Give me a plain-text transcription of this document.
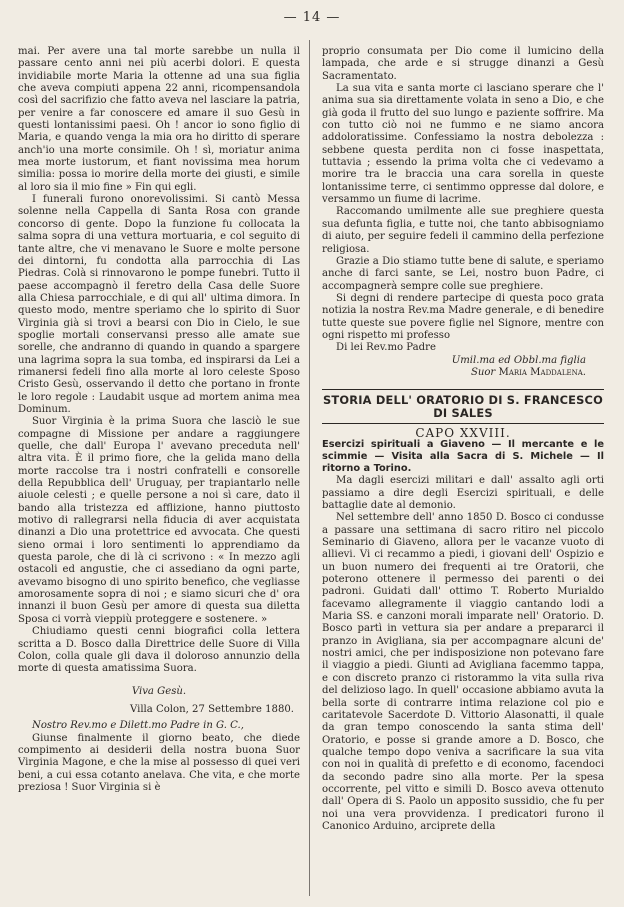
— 14 —

mai. Per avere una tal morte sarebbe un nulla il passare cento anni nei più acerbi dolori. E questa invidiabile morte Maria la ottenne ad una sua figlia che aveva compiuti appena 22 anni, ricompensandola così del sacrifizio che fatto aveva nel lasciare la patria, per venire a far conoscere ed amare il suo Gesù in questi lontanissimi paesi. Oh ! ancor io sono figlio di Maria, e quando venga la mia ora ho diritto di sperare anch'io una morte consimile. Oh ! sì, moriatur anima mea morte iustorum, et fiant novissima mea horum similia: possa io morire della morte dei giusti, e simile al loro sia il mio fine » Fin qui egli.

I funerali furono onorevolissimi. Si cantò Messa solenne nella Cappella di Santa Rosa con grande concorso di gente. Dopo la funzione fu collocata la salma sopra di una vettura mortuaria, e col seguito di tante altre, che vi menavano le Suore e molte persone dei dintorni, fu condotta alla parrocchia di Las Piedras. Colà si rinnovarono le pompe funebri. Tutto il paese accompagnò il feretro della Casa delle Suore alla Chiesa parrocchiale, e di qui all' ultima dimora. In questo modo, mentre speriamo che lo spirito di Suor Virginia già si trovi a bearsi con Dio in Cielo, le sue spoglie mortali conservansi presso alle amate sue sorelle, che andranno di quando in quando a spargere una lagrima sopra la sua tomba, ed inspirarsi da Lei a rimanersi fedeli fino alla morte al loro celeste Sposo Cristo Gesù, osservando il detto che portano in fronte le loro regole : Laudabit usque ad mortem anima mea Dominum.

Suor Virginia è la prima Suora che lasciò le sue compagne di Missione per andare a raggiungere quelle, che dall' Europa l' avevano preceduta nell' altra vita. È il primo fiore, che la gelida mano della morte raccolse tra i nostri confratelli e consorelle della Repubblica dell' Uruguay, per trapiantarlo nelle aiuole celesti ; e quelle persone a noi sì care, dato il bando alla tristezza ed afflizione, hanno piuttosto motivo di rallegrarsi nella fiducia di aver acquistata dinanzi a Dio una protettrice ed avvocata. Che questi sieno ormai i loro sentimenti lo apprendiamo da questa parole, che di là ci scrivono : « In mezzo agli ostacoli ed angustie, che ci assediano da ogni parte, avevamo bisogno di uno spirito benefico, che vegliasse amorosamente sopra di noi ; e siamo sicuri che d' ora innanzi il buon Gesù per amore di questa sua diletta Sposa ci vorrà vieppiù proteggere e sostenere. »

Chiudiamo questi cenni biografici colla lettera scritta a D. Bosco dalla Direttrice delle Suore di Villa Colon, colla quale gli dava il doloroso annunzio della morte di questa amatissima Suora.

Viva Gesù.

Villa Colon, 27 Settembre 1880.

Nostro Rev.mo e Dilett.mo Padre in G. C.,

Giunse finalmente il giorno beato, che diede compimento ai desiderii della nostra buona Suor Virginia Magone, e che la mise al possesso di quei veri beni, a cui essa cotanto anelava. Che vita, e che morte preziosa ! Suor Virginia si è

proprio consumata per Dio come il lumicino della lampada, che arde e si strugge dinanzi a Gesù Sacramentato.

La sua vita e santa morte ci lasciano sperare che l' anima sua sia direttamente volata in seno a Dio, e che già goda il frutto del suo lungo e paziente soffrire. Ma con tutto ciò noi ne fummo e ne siamo ancora addoloratissime. Confessiamo la nostra debolezza : sebbene questa perdita non ci fosse inaspettata, tuttavia ; essendo la prima volta che ci vedevamo a morire tra le braccia una cara sorella in queste lontanissime terre, ci sentimmo oppresse dal dolore, e versammo un fiume di lacrime.

Raccomando umilmente alle sue preghiere questa sua defunta figlia, e tutte noi, che tanto abbisogniamo di aiuto, per seguire fedeli il cammino della perfezione religiosa.

Grazie a Dio stiamo tutte bene di salute, e speriamo anche di farci sante, se Lei, nostro buon Padre, ci accompagnerà sempre colle sue preghiere.

Si degni di rendere partecipe di questa poco grata notizia la nostra Rev.ma Madre generale, e di benedire tutte queste sue povere figlie nel Signore, mentre con ogni rispetto mi professo

Di lei Rev.mo Padre

Umil.ma ed Obbl.ma figlia

Suor Maria Maddalena.

STORIA DELL' ORATORIO DI S. FRANCESCO DI SALES

CAPO XXVIII.

Esercizi spirituali a Giaveno — Il mercante e le scimmie — Visita alla Sacra di S. Michele — Il ritorno a Torino.

Ma dagli esercizi militari e dall' assalto agli orti passiamo a dire degli Esercizi spirituali, e delle battaglie date al demonio.

Nel settembre dell' anno 1850 D. Bosco ci condusse a passare una settimana di sacro ritiro nel piccolo Seminario di Giaveno, allora per le vacanze vuoto di allievi. Vi ci recammo a piedi, i giovani dell' Ospizio e un buon numero dei frequenti ai tre Oratorii, che poterono ottenere il permesso dei parenti o dei padroni. Guidati dall' ottimo T. Roberto Murialdo facevamo allegramente il viaggio cantando lodi a Maria SS. e canzoni morali imparate nell' Oratorio. D. Bosco partì in vettura sia per andare a prepararci il pranzo in Avigliana, sia per accompagnare alcuni de' nostri amici, che per indisposizione non potevano fare il viaggio a piedi. Giunti ad Avigliana facemmo tappa, e con discreto pranzo ci ristorammo la vita sulla riva del delizioso lago. In quell' occasione abbiamo avuta la bella sorte di contrarre intima relazione col pio e caritatevole Sacerdote D. Vittorio Alasonatti, il quale da gran tempo conoscendo la santa stima dell' Oratorio, e posse si grande amore a D. Bosco, che qualche tempo dopo veniva a sacrificare la sua vita con noi in qualità di prefetto e di economo, facendoci da secondo padre sino alla morte. Per la spesa occorrente, pel vitto e simili D. Bosco aveva ottenuto dall' Opera di S. Paolo un apposito sussidio, che fu per noi una vera provvidenza. I predicatori furono il Canonico Arduino, arciprete della
